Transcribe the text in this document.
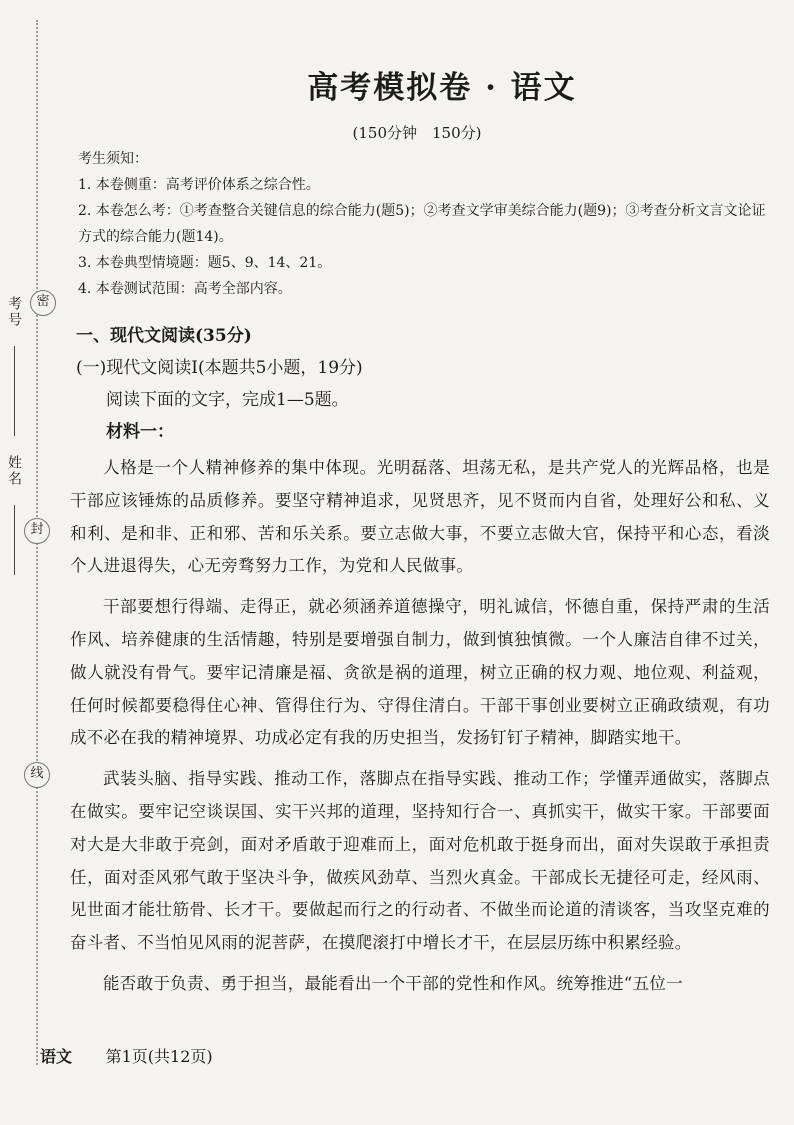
考号	密
姓名
封
线
高考模拟卷 · 语文
(150分钟　150分)
考生须知：
1. 本卷侧重：高考评价体系之综合性。
2. 本卷怎么考：①考查整合关键信息的综合能力(题5)；②考查文学审美综合能力(题9)；③考查分析文言文论证方式的综合能力(题14)。
3. 本卷典型情境题：题5、9、14、21。
4. 本卷测试范围：高考全部内容。
一、现代文阅读(35分)
(一)现代文阅读Ⅰ(本题共5小题，19分)
阅读下面的文字，完成1—5题。
材料一：

人格是一个人精神修养的集中体现。光明磊落、坦荡无私，是共产党人的光辉品格，也是干部应该锤炼的品质修养。要坚守精神追求，见贤思齐，见不贤而内自省，处理好公和私、义和利、是和非、正和邪、苦和乐关系。要立志做大事，不要立志做大官，保持平和心态，看淡个人进退得失，心无旁骛努力工作，为党和人民做事。

干部要想行得端、走得正，就必须涵养道德操守，明礼诚信，怀德自重，保持严肃的生活作风、培养健康的生活情趣，特别是要增强自制力，做到慎独慎微。一个人廉洁自律不过关，做人就没有骨气。要牢记清廉是福、贪欲是祸的道理，树立正确的权力观、地位观、利益观，任何时候都要稳得住心神、管得住行为、守得住清白。干部干事创业要树立正确政绩观，有功成不必在我的精神境界、功成必定有我的历史担当，发扬钉钉子精神，脚踏实地干。

武装头脑、指导实践、推动工作，落脚点在指导实践、推动工作；学懂弄通做实，落脚点在做实。要牢记空谈误国、实干兴邦的道理，坚持知行合一、真抓实干，做实干家。干部要面对大是大非敢于亮剑，面对矛盾敢于迎难而上，面对危机敢于挺身而出，面对失误敢于承担责任，面对歪风邪气敢于坚决斗争，做疾风劲草、当烈火真金。干部成长无捷径可走，经风雨、见世面才能壮筋骨、长才干。要做起而行之的行动者、不做坐而论道的清谈客，当攻坚克难的奋斗者、不当怕见风雨的泥菩萨，在摸爬滚打中增长才干，在层层历练中积累经验。

能否敢于负责、勇于担当，最能看出一个干部的党性和作风。统筹推进“五位一

语文 第1页(共12页)
